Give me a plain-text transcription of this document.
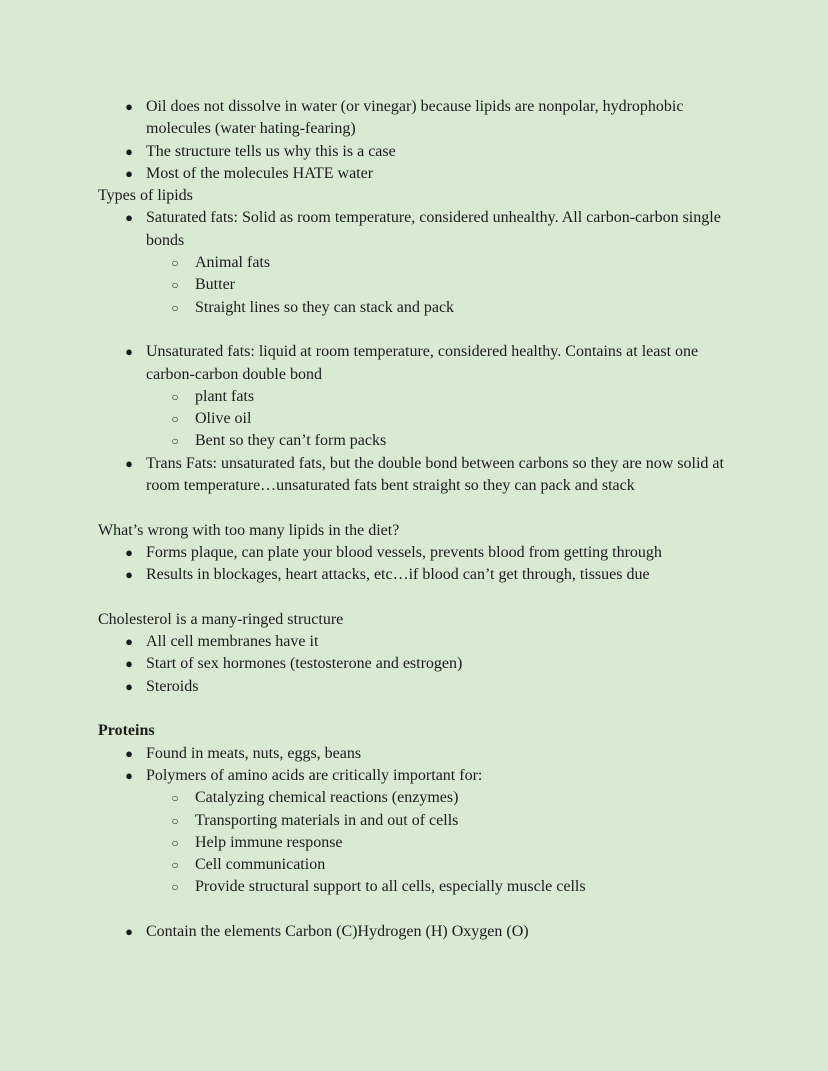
● Oil does not dissolve in water (or vinegar) because lipids are nonpolar, hydrophobic molecules (water hating-fearing)
● The structure tells us why this is a case
● Most of the molecules HATE water

Types of lipids

● Saturated fats: Solid as room temperature, considered unhealthy. All carbon-carbon single bonds
○ Animal fats
○ Butter
○ Straight lines so they can stack and pack
● Unsaturated fats: liquid at room temperature, considered healthy. Contains at least one carbon-carbon double bond
○ plant fats
○ Olive oil
○ Bent so they can’t form packs
● Trans Fats: unsaturated fats, but the double bond between carbons so they are now solid at room temperature…unsaturated fats bent straight so they can pack and stack

What’s wrong with too many lipids in the diet?

● Forms plaque, can plate your blood vessels, prevents blood from getting through
● Results in blockages, heart attacks, etc…if blood can’t get through, tissues due

Cholesterol is a many-ringed structure

● All cell membranes have it
● Start of sex hormones (testosterone and estrogen)
● Steroids

Proteins

● Found in meats, nuts, eggs, beans
● Polymers of amino acids are critically important for:
○ Catalyzing chemical reactions (enzymes)
○ Transporting materials in and out of cells
○ Help immune response
○ Cell communication
○ Provide structural support to all cells, especially muscle cells
● Contain the elements Carbon (C)Hydrogen (H) Oxygen (O)
